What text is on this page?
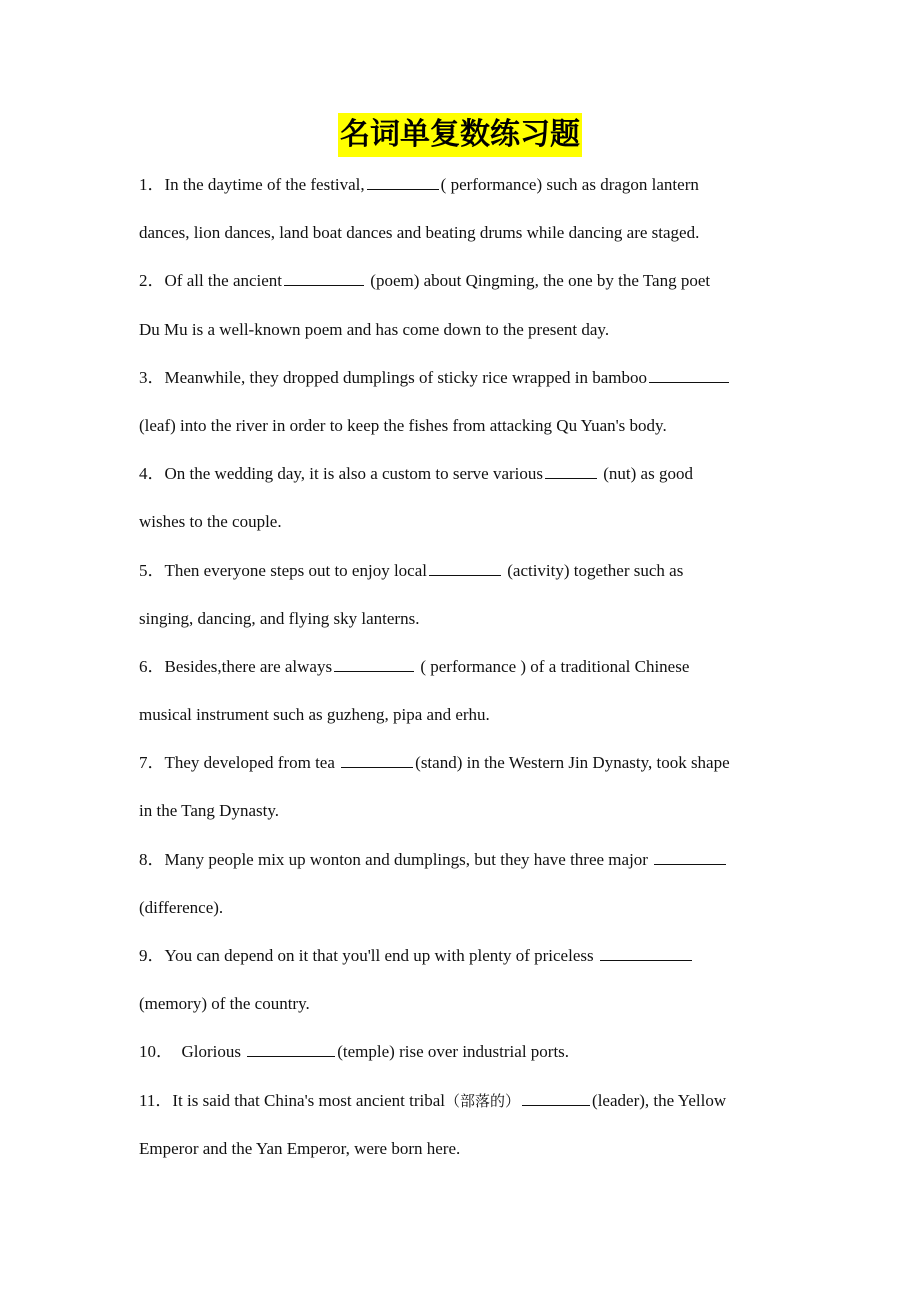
名词单复数练习题
1．In the daytime of the festival,	( performance) such as dragon lantern
dances, lion dances, land boat dances and beating drums while dancing are staged.
2．Of all the ancient	(poem) about Qingming, the one by the Tang poet
Du Mu is a well-known poem and has come down to the present day.
3．Meanwhile, they dropped dumplings of sticky rice wrapped in bamboo
(leaf) into the river in order to keep the fishes from attacking Qu Yuan's body.
4．On the wedding day, it is also a custom to serve various	(nut) as good
wishes to the couple.
5．Then everyone steps out to enjoy local	(activity) together such as
singing, dancing, and flying sky lanterns.
6．Besides,there are always	( performance ) of a traditional Chinese
musical instrument such as guzheng, pipa and erhu.
7．They developed from tea	(stand) in the Western Jin Dynasty, took shape
in the Tang Dynasty.
8．Many people mix up wonton and dumplings, but they have three major
(difference).
9．You can depend on it that you'll end up with plenty of priceless
(memory) of the country.
10．  Glorious	(temple) rise over industrial ports.
11．It is said that China's most ancient tribal（部落的）	(leader), the Yellow
Emperor and the Yan Emperor, were born here.
